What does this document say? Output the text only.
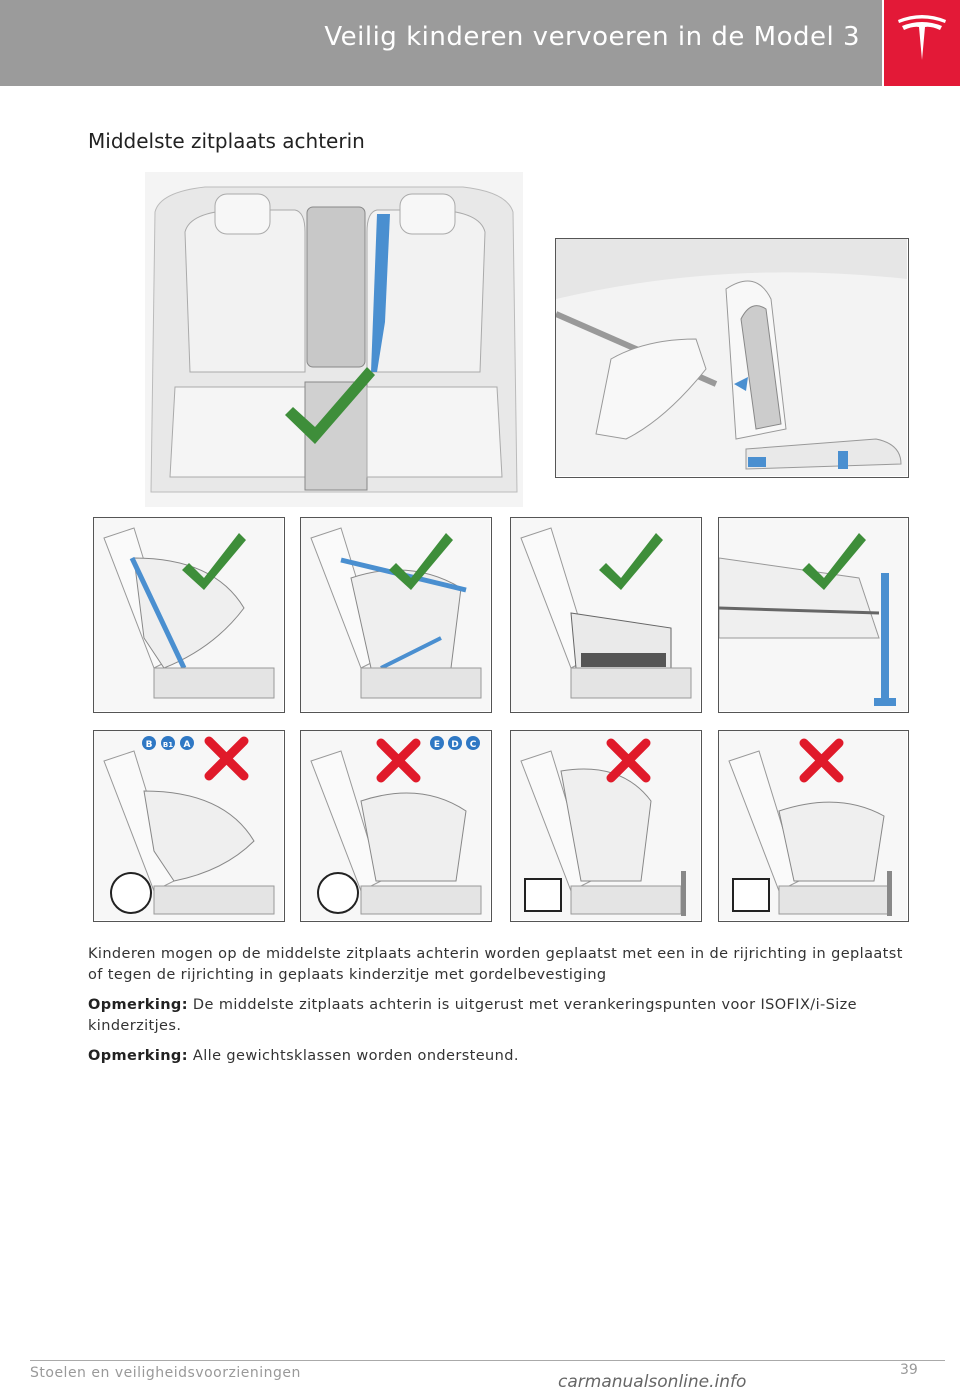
Veilig kinderen vervoeren in de Model 3
Middelste zitplaats achterin
B B1 A	E D C
Kinderen mogen op de middelste zitplaats achterin worden geplaatst met een in de rijrichting in geplaatst of tegen de rijrichting in geplaats kinderzitje met gordelbevestiging
Opmerking: De middelste zitplaats achterin is uitgerust met verankeringspunten voor ISOFIX/i-Size kinderzitjes.
Opmerking: Alle gewichtsklassen worden ondersteund.
Stoelen en veiligheidsvoorzieningen	39
carmanualsonline.info
